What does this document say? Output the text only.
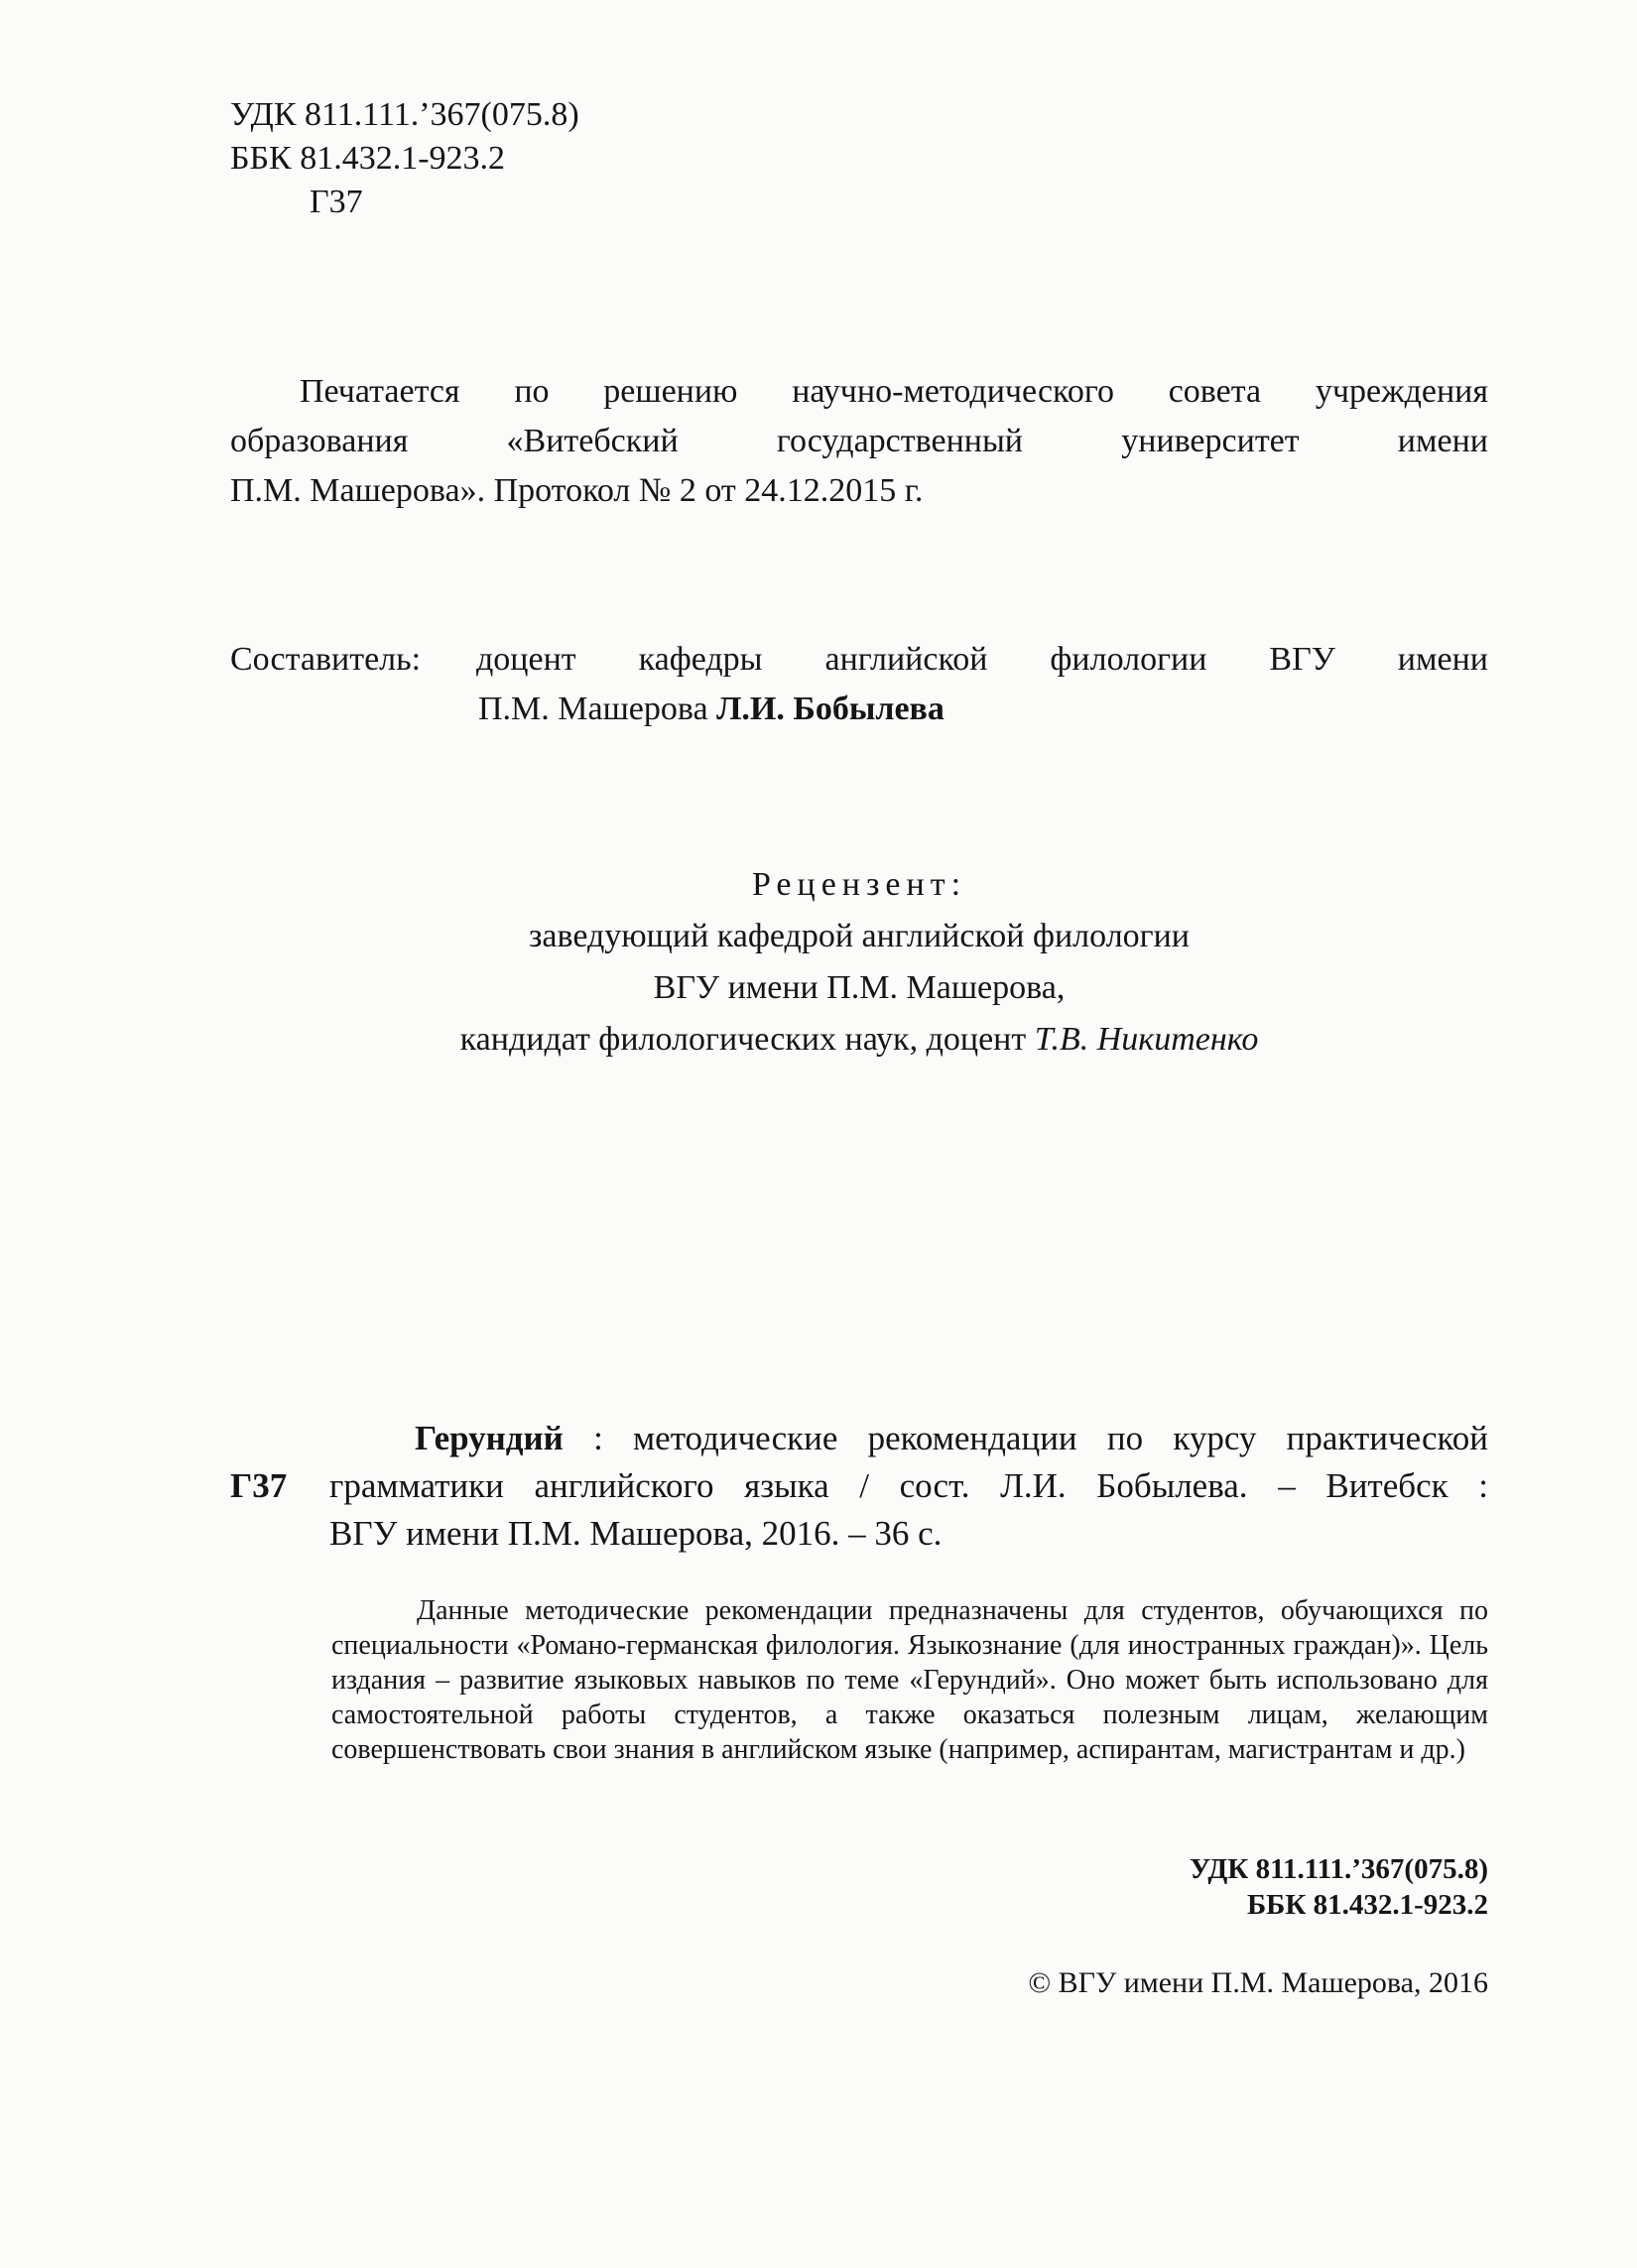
УДК 811.111.’367(075.8)
ББК 81.432.1-923.2
Г37
Печатается по решению научно-методического совета учреждения
образования «Витебский государственный университет имени
П.М. Машерова». Протокол № 2 от 24.12.2015 г.
Составитель:	доцент кафедры английской филологии ВГУ имени
П.М. Машерова Л.И. Бобылева
Рецензент:
заведующий кафедрой английской филологии
ВГУ имени П.М. Машерова,
кандидат филологических наук, доцент Т.В. Никитенко
Г37
Герундий : методические рекомендации по курсу практической
грамматики английского языка / сост. Л.И. Бобылева. – Витебск :
ВГУ имени П.М. Машерова, 2016. – 36 с.

Данные методические рекомендации предназначены для студентов, обучающихся по специальности «Романо-германская филология. Языкознание (для иностранных граждан)». Цель издания – развитие языковых навыков по теме «Герундий». Оно может быть использовано для самостоятельной работы студентов, а также оказаться полезным лицам, желающим совершенствовать свои знания в английском языке (например, аспирантам, магистрантам и др.)

УДК 811.111.’367(075.8)
ББК 81.432.1-923.2
© ВГУ имени П.М. Машерова, 2016
